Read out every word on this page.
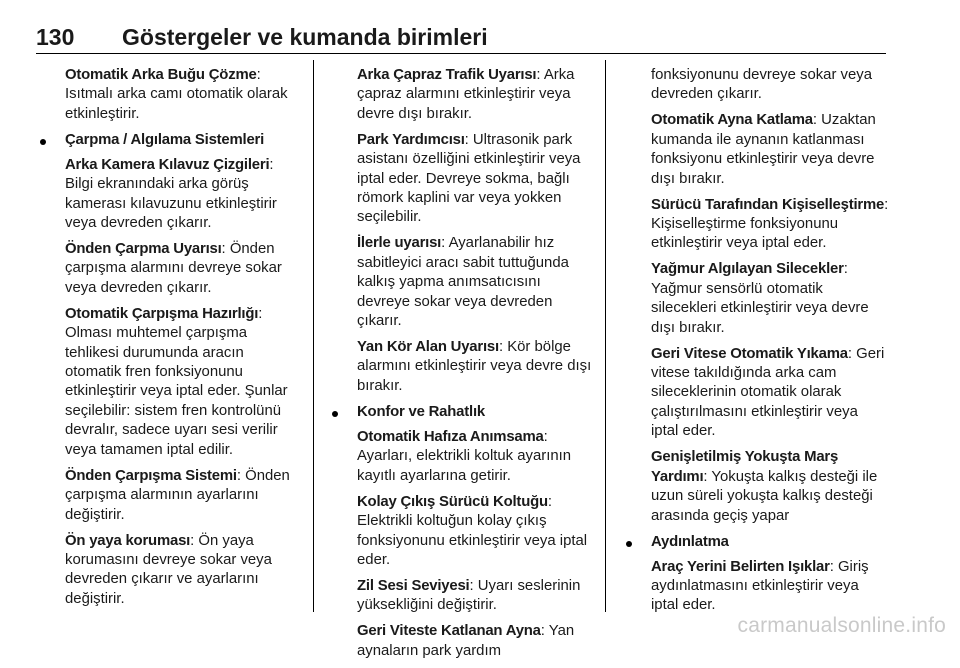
130 Göstergeler ve kumanda birimleri
Otomatik Arka Buğu Çözme: Isıtmalı arka camı otomatik olarak etkinleştirir.
Çarpma / Algılama Sistemleri
Arka Kamera Kılavuz Çizgileri: Bilgi ekranındaki arka görüş kamerası kılavuzunu etkinleştirir veya devreden çıkarır.
Önden Çarpma Uyarısı: Önden çarpışma alarmını devreye sokar veya devreden çıkarır.
Otomatik Çarpışma Hazırlığı: Olması muhtemel çarpışma tehlikesi durumunda aracın otomatik fren fonksiyonunu etkinleştirir veya iptal eder. Şunlar seçilebilir: sistem fren kontrolünü devralır, sadece uyarı sesi verilir veya tamamen iptal edilir.
Önden Çarpışma Sistemi: Önden çarpışma alarmının ayarlarını değiştirir.
Ön yaya koruması: Ön yaya korumasını devreye sokar veya devreden çıkarır ve ayarlarını değiştirir.
Arka Çapraz Trafik Uyarısı: Arka çapraz alarmını etkinleştirir veya devre dışı bırakır.
Park Yardımcısı: Ultrasonik park asistanı özelliğini etkinleştirir veya iptal eder. Devreye sokma, bağlı römork kaplini var veya yokken seçilebilir.
İlerle uyarısı: Ayarlanabilir hız sabitleyici aracı sabit tuttuğunda kalkış yapma anımsatıcısını devreye sokar veya devreden çıkarır.
Yan Kör Alan Uyarısı: Kör bölge alarmını etkinleştirir veya devre dışı bırakır.
Konfor ve Rahatlık
Otomatik Hafıza Anımsama: Ayarları, elektrikli koltuk ayarının kayıtlı ayarlarına getirir.
Kolay Çıkış Sürücü Koltuğu: Elektrikli koltuğun kolay çıkış fonksiyonunu etkinleştirir veya iptal eder.
Zil Sesi Seviyesi: Uyarı seslerinin yüksekliğini değiştirir.
Geri Viteste Katlanan Ayna: Yan aynaların park yardım
fonksiyonunu devreye sokar veya devreden çıkarır.
Otomatik Ayna Katlama: Uzaktan kumanda ile aynanın katlanması fonksiyonu etkinleştirir veya devre dışı bırakır.
Sürücü Tarafından Kişiselleştirme: Kişiselleştirme fonksiyonunu etkinleştirir veya iptal eder.
Yağmur Algılayan Silecekler: Yağmur sensörlü otomatik silecekleri etkinleştirir veya devre dışı bırakır.
Geri Vitese Otomatik Yıkama: Geri vitese takıldığında arka cam sileceklerinin otomatik olarak çalıştırılmasını etkinleştirir veya iptal eder.
Genişletilmiş Yokuşta Marş Yardımı: Yokuşta kalkış desteği ile uzun süreli yokuşta kalkış desteği arasında geçiş yapar
Aydınlatma
Araç Yerini Belirten Işıklar: Giriş aydınlatmasını etkinleştirir veya iptal eder.
carmanualsonline.info
